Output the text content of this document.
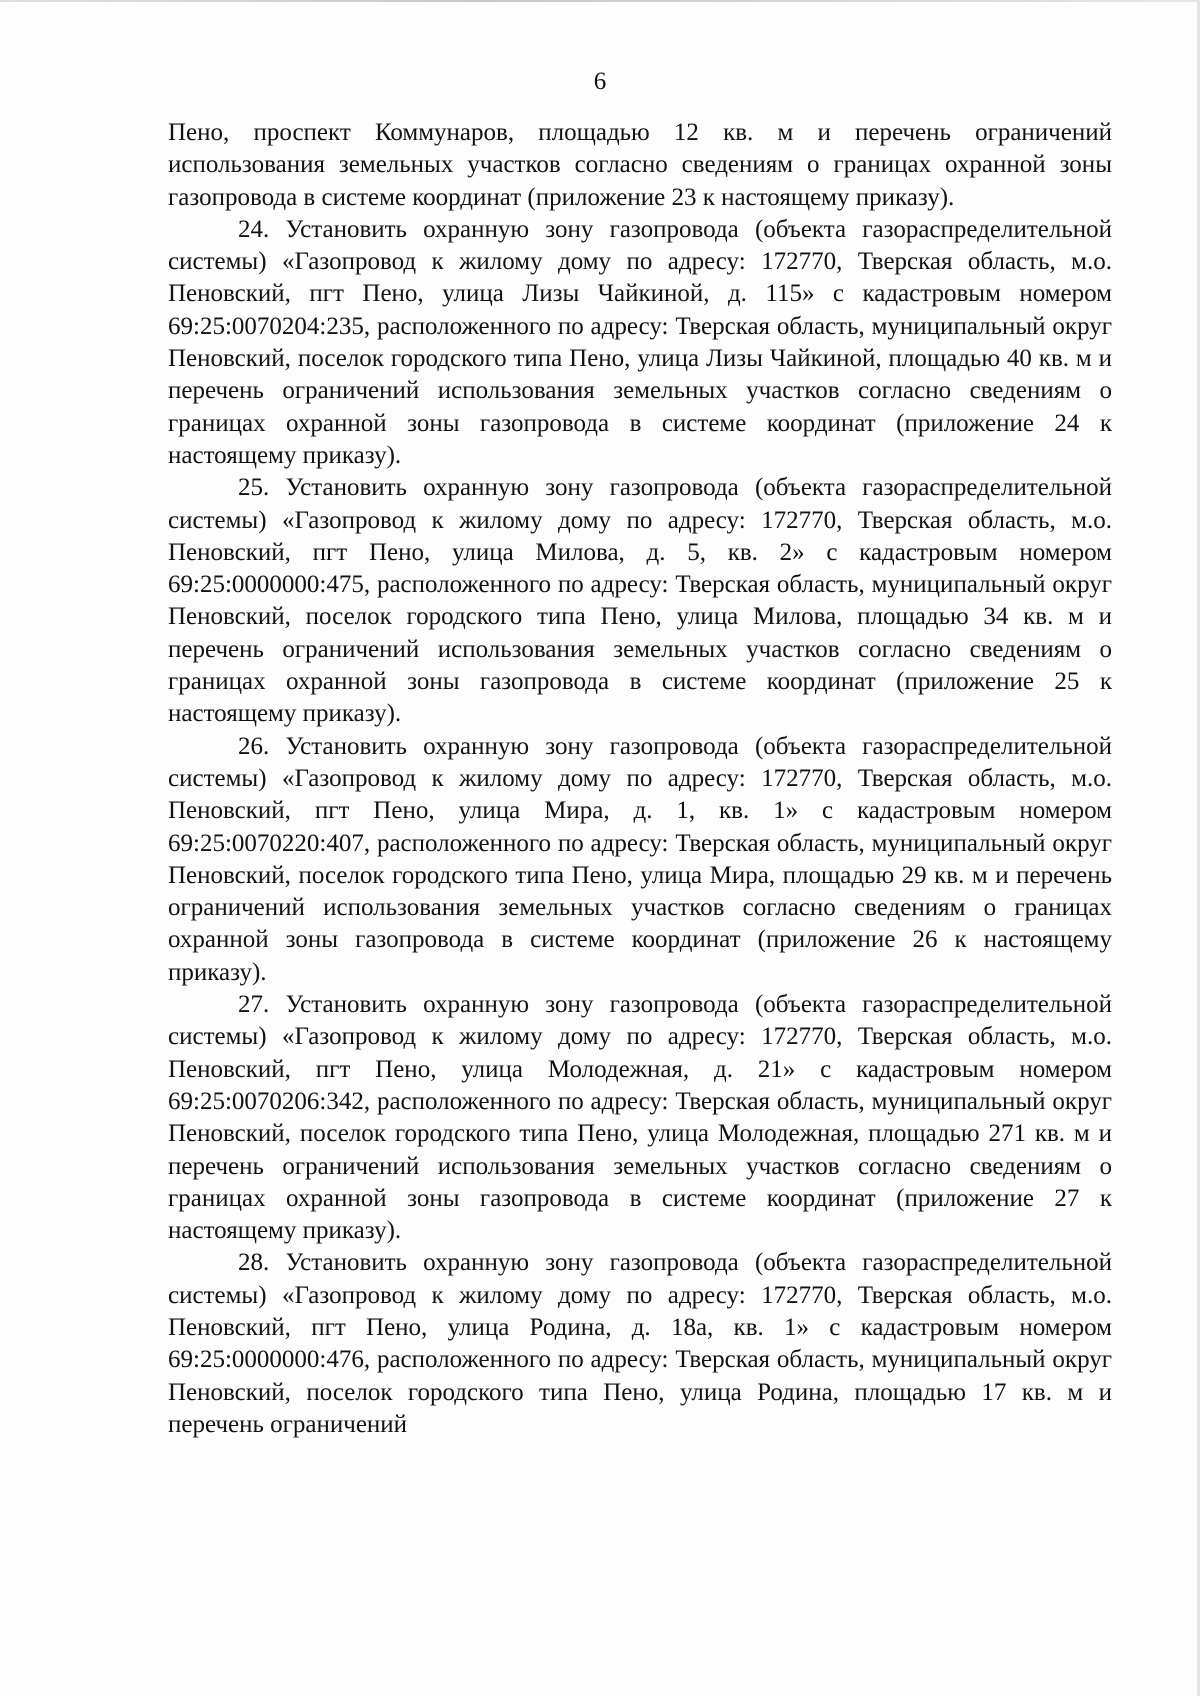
6

Пено, проспект Коммунаров, площадью 12 кв. м и перечень ограничений использования земельных участков согласно сведениям о границах охранной зоны газопровода в системе координат (приложение 23 к настоящему приказу).

24. Установить охранную зону газопровода (объекта газораспределительной системы) «Газопровод к жилому дому по адресу: 172770, Тверская область, м.о. Пеновский, пгт Пено, улица Лизы Чайкиной, д. 115» с кадастровым номером 69:25:0070204:235, расположенного по адресу: Тверская область, муниципальный округ Пеновский, поселок городского типа Пено, улица Лизы Чайкиной, площадью 40 кв. м и перечень ограничений использования земельных участков согласно сведениям о границах охранной зоны газопровода в системе координат (приложение 24 к настоящему приказу).

25. Установить охранную зону газопровода (объекта газораспределительной системы) «Газопровод к жилому дому по адресу: 172770, Тверская область, м.о. Пеновский, пгт Пено, улица Милова, д. 5, кв. 2» с кадастровым номером 69:25:0000000:475, расположенного по адресу: Тверская область, муниципальный округ Пеновский, поселок городского типа Пено, улица Милова, площадью 34 кв. м и перечень ограничений использования земельных участков согласно сведениям о границах охранной зоны газопровода в системе координат (приложение 25 к настоящему приказу).

26. Установить охранную зону газопровода (объекта газораспределительной системы) «Газопровод к жилому дому по адресу: 172770, Тверская область, м.о. Пеновский, пгт Пено, улица Мира, д. 1, кв. 1» с кадастровым номером 69:25:0070220:407, расположенного по адресу: Тверская область, муниципальный округ Пеновский, поселок городского типа Пено, улица Мира, площадью 29 кв. м и перечень ограничений использования земельных участков согласно сведениям о границах охранной зоны газопровода в системе координат (приложение 26 к настоящему приказу).

27. Установить охранную зону газопровода (объекта газораспределительной системы) «Газопровод к жилому дому по адресу: 172770, Тверская область, м.о. Пеновский, пгт Пено, улица Молодежная, д. 21» с кадастровым номером 69:25:0070206:342, расположенного по адресу: Тверская область, муниципальный округ Пеновский, поселок городского типа Пено, улица Молодежная, площадью 271 кв. м и перечень ограничений использования земельных участков согласно сведениям о границах охранной зоны газопровода в системе координат (приложение 27 к настоящему приказу).

28. Установить охранную зону газопровода (объекта газораспределительной системы) «Газопровод к жилому дому по адресу: 172770, Тверская область, м.о. Пеновский, пгт Пено, улица Родина, д. 18а, кв. 1» с кадастровым номером 69:25:0000000:476, расположенного по адресу: Тверская область, муниципальный округ Пеновский, поселок городского типа Пено, улица Родина, площадью 17 кв. м и перечень ограничений
